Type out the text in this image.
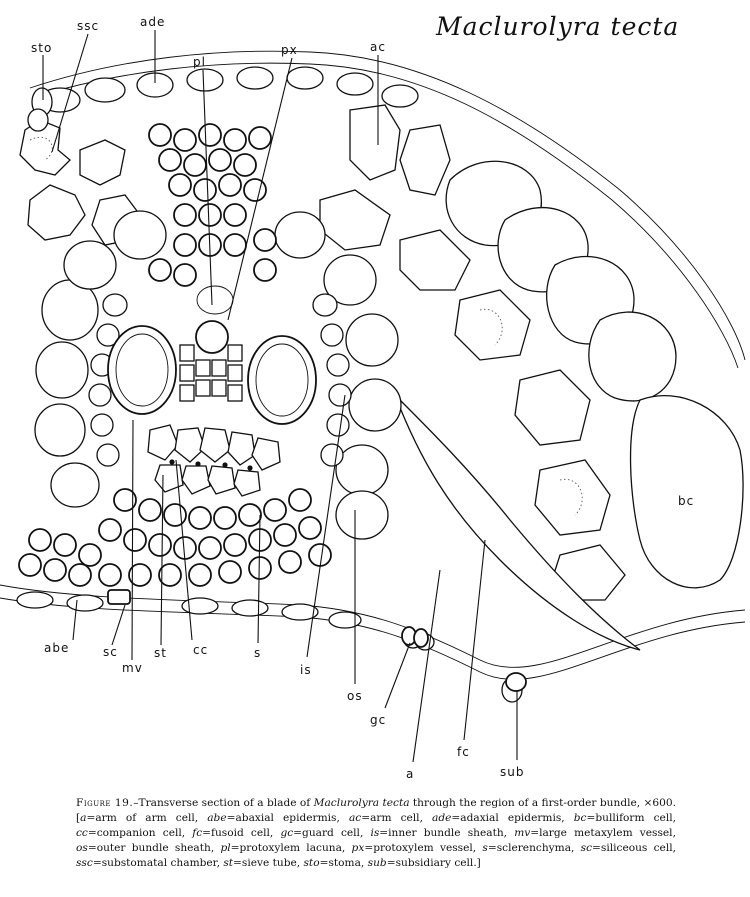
Maclurolyra tecta
sto
ssc	ade
pl
px	ac
bc
abe	sc
mv
st cc	s
is
os
gc
a
fc
sub
Figure 19.–Transverse section of a blade of Maclurolyra tecta through the region of a first-order bundle, ×600. [a=arm of arm cell, abe=abaxial epidermis, ac=arm cell, ade=adaxial epidermis, bc=bulliform cell, cc=companion cell, fc=fusoid cell, gc=guard cell, is=inner bundle sheath, mv=large metaxylem vessel, os=outer bundle sheath, pl=protoxylem lacuna, px=protoxylem vessel, s=sclerenchyma, sc=siliceous cell, ssc=substomatal chamber, st=sieve tube, sto=stoma, sub=subsidiary cell.]
